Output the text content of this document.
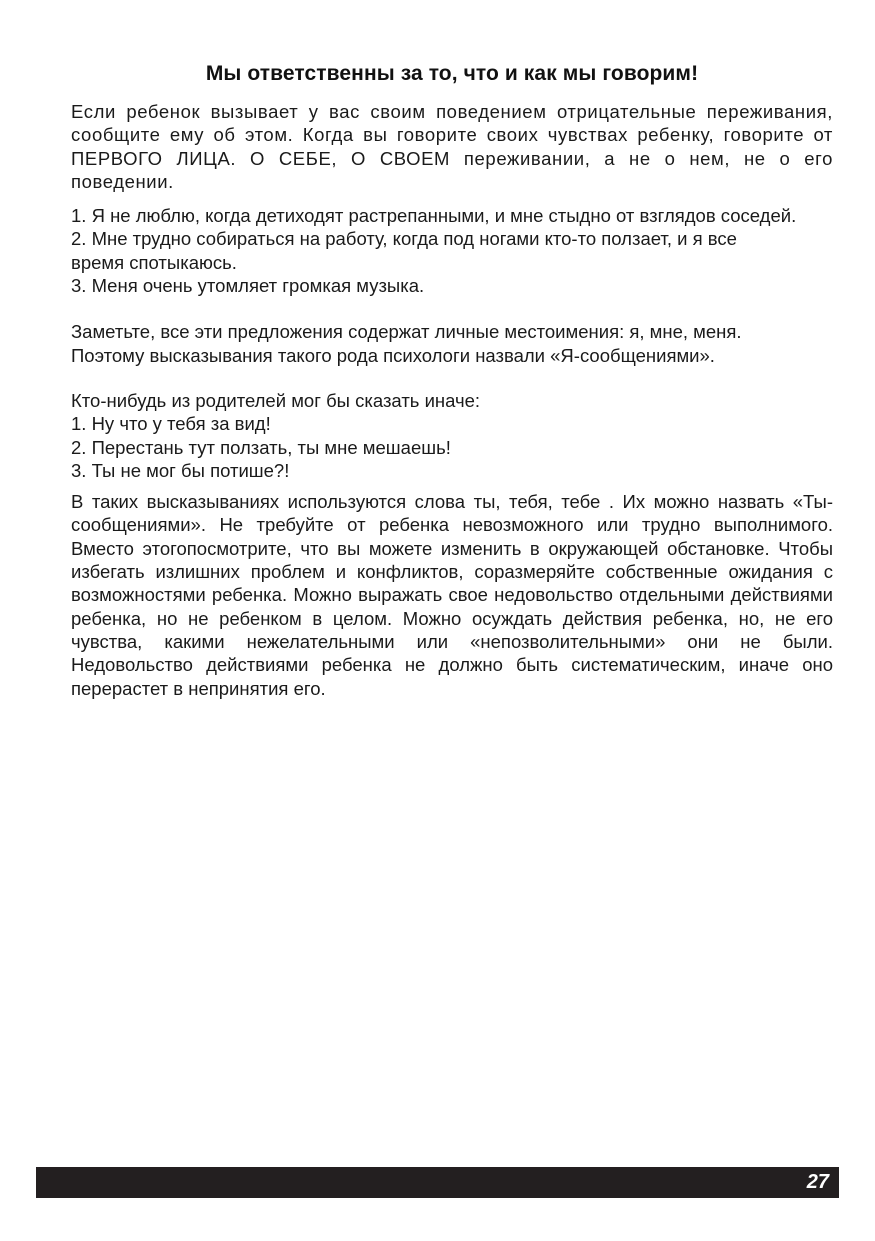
Мы ответственны за то, что и как мы говорим!

Если ребенок вызывает у вас своим поведением отрицательные переживания, сообщите ему об этом. Когда вы говорите своих чувствах ребенку, говорите от ПЕРВОГО ЛИЦА. О СЕБЕ, О СВОЕМ переживании, а не о нем, не о его поведении.

1. Я не люблю, когда детиходят растрепанными, и мне стыдно от взглядов соседей.
2. Мне трудно собираться на работу, когда под ногами кто-то ползает, и я все время спотыкаюсь.
3. Меня очень утомляет громкая музыка.

Заметьте, все эти предложения содержат личные местоимения: я, мне, меня.

Поэтому высказывания такого рода психологи назвали «Я-сообщениями».

Кто-нибудь из родителей мог бы сказать иначе:

1. Ну что у тебя за вид!
2. Перестань тут ползать, ты мне мешаешь!
3. Ты не мог бы потише?!

В таких высказываниях используются слова ты, тебя, тебе . Их можно назвать «Ты-сообщениями». Не требуйте от ребенка невозможного или трудно выполнимого. Вместо этогопосмотрите, что вы можете изменить в окружающей обстановке. Чтобы избегать излишних проблем и конфликтов, соразмеряйте собственные ожидания с возможностями ребенка. Можно выражать свое недовольство отдельными действиями ребенка, но не ребенком в целом. Можно осуждать действия ребенка, но, не его чувства, какими нежелательными или «непозволительными» они не были. Недовольство действиями ребенка не должно быть систематическим, иначе оно перерастет в непринятия его.

27
